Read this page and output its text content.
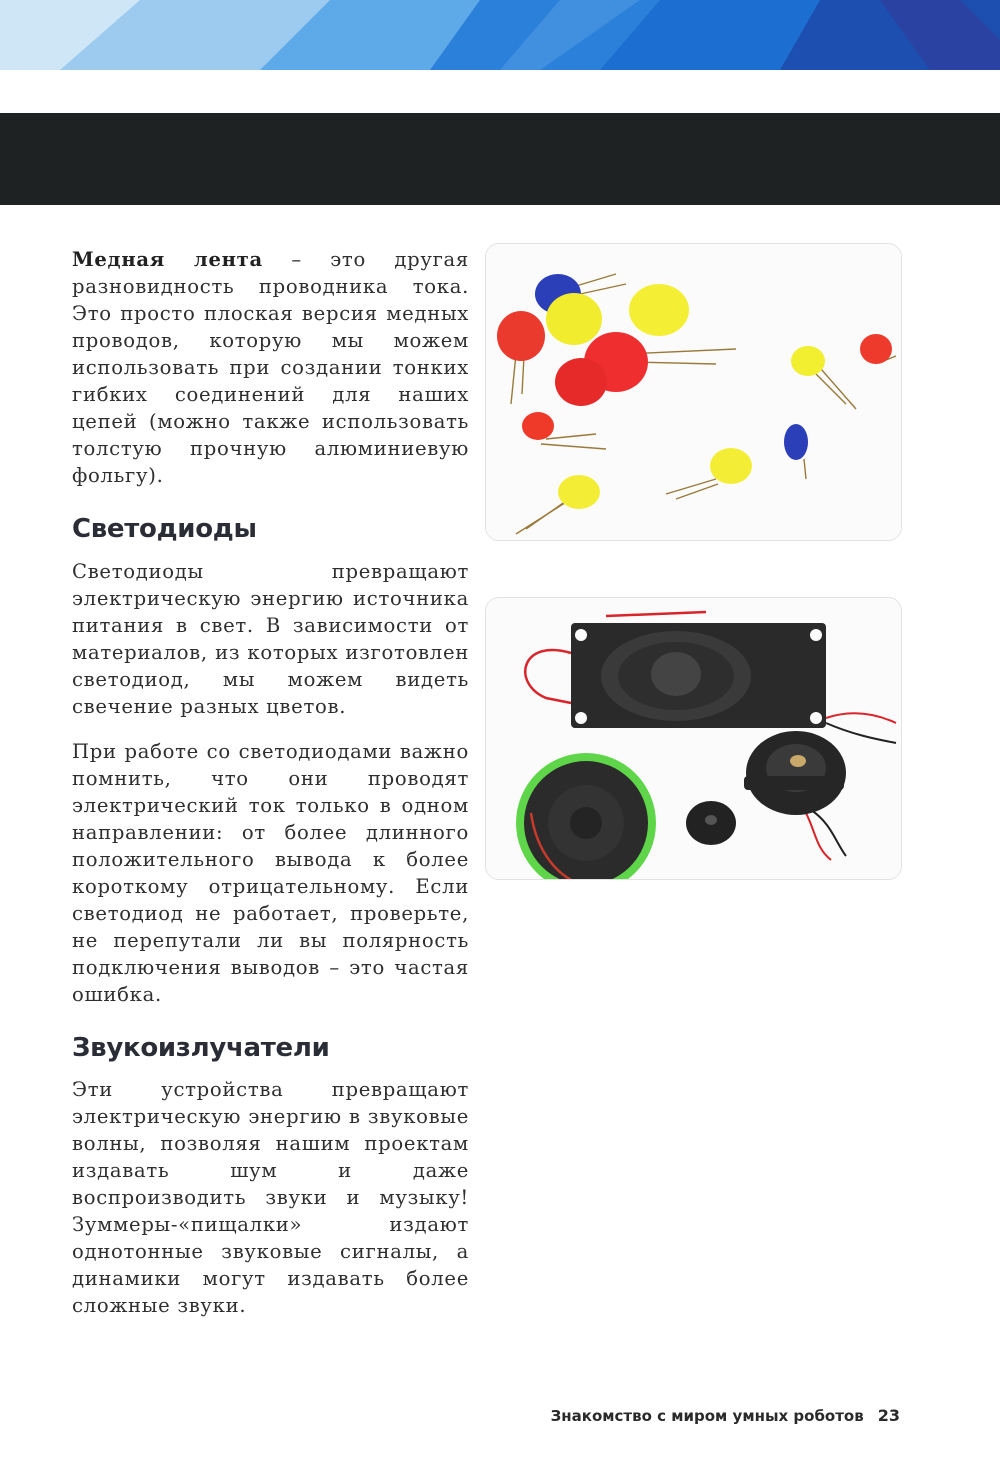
Медная лента – это другая разновидность проводника тока. Это просто плоская версия медных проводов, которую мы можем использовать при создании тонких гибких соединений для наших цепей (можно также использовать толстую прочную алюминиевую фольгу).

Светодиоды

Светодиоды превращают электрическую энергию источника питания в свет. В зависимости от материалов, из которых изготовлен светодиод, мы можем видеть свечение разных цветов.

При работе со светодиодами важно помнить, что они проводят электрический ток только в одном направлении: от более длинного положительного вывода к более короткому отрицательному. Если светодиод не работает, проверьте, не перепутали ли вы полярность подключения выводов – это частая ошибка.

Звукоизлучатели

Эти устройства превращают электрическую энергию в звуковые волны, позволяя нашим проектам издавать шум и даже воспроизводить звуки и музыку! Зуммеры-«пищалки» издают однотонные звуковые сигналы, а динамики могут издавать более сложные звуки.

Знакомство с миром умных роботов 23
